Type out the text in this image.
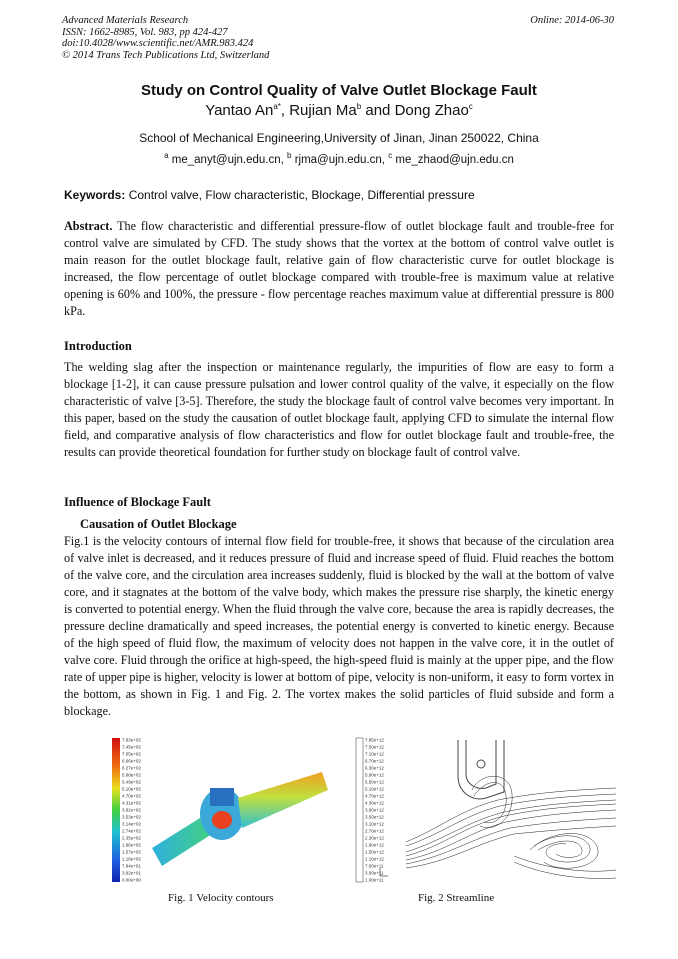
Advanced Materials Research
ISSN: 1662-8985, Vol. 983, pp 424-427
doi:10.4028/www.scientific.net/AMR.983.424
© 2014 Trans Tech Publications Ltd, Switzerland
Online: 2014-06-30
Study on Control Quality of Valve Outlet Blockage Fault
Yantao $An^{a*}$, Rujian Ma$^b$ and Dong Zhao$^c$
School of Mechanical Engineering,University of Jinan, Jinan 250022, China
$^a$ me_anyt@ujn.edu.cn, $^b$ rjma@ujn.edu.cn, $^c$ me_zhaod@ujn.edu.cn
Keywords: Control valve, Flow characteristic, Blockage, Differential pressure
Abstract. The flow characteristic and differential pressure-flow of outlet blockage fault and trouble-free for control valve are simulated by CFD. The study shows that the vortex at the bottom of control valve outlet is main reason for the outlet blockage fault, relative gain of flow characteristic curve for outlet blockage is increased, the flow percentage of outlet blockage compared with trouble-free is maximum value at relative opening is 60% and 100%, the pressure - flow percentage reaches maximum value at differential pressure is 800 kPa.
Introduction
The welding slag after the inspection or maintenance regularly, the impurities of flow are easy to form a blockage [1-2], it can cause pressure pulsation and lower control quality of the valve, it especially on the flow characteristic of valve [3-5]. Therefore, the study the blockage fault of control valve becomes very important. In this paper, based on the study the causation of outlet blockage fault, applying CFD to simulate the internal flow field, and comparative analysis of flow characteristics and flow for outlet blockage fault and trouble-free, the results can provide theoretical foundation for further study on blockage fault of control valve.
Influence of Blockage Fault
Causation of Outlet Blockage
Fig.1 is the velocity contours of internal flow field for trouble-free, it shows that because of the circulation area of valve inlet is decreased, and it reduces pressure of fluid and increase speed of fluid. Fluid reaches the bottom of the valve core, and the circulation area increases suddenly, fluid is blocked by the wall at the bottom of valve core, and it stagnates at the bottom of the valve body, which makes the pressure rise sharply, the kinetic energy is converted to potential energy. When the fluid through the valve core, because the area is rapidly decreases, the pressure decline dramatically and speed increases, the potential energy is converted to kinetic energy. Because of the high speed of fluid flow, the maximum of velocity does not happen in the valve core, it in the outlet of valve core. Fluid through the orifice at high-speed, the high-speed fluid is mainly at the upper pipe, and the flow rate of upper pipe is higher, velocity is lower at bottom of pipe, velocity is non-uniform, it easy to form vortex in the bottom, as shown in Fig. 1 and Fig. 2. The vortex makes the solid particles of fluid subside and form a blockage.
7.83e+02
7.45e+02
7.05e+02
6.66e+02
6.27e+02
5.88e+02
5.49e+02
5.10e+02
4.70e+02
4.31e+02
3.92e+02
3.53e+02
3.14e+02
2.74e+02
2.35e+02
1.96e+02
1.57e+02
1.18e+02
7.84e+01
3.92e+01
0.00e+00
Fig. 1 Velocity contours
7.85e+12
7.50e+12
7.10e+12
6.70e+12
6.30e+12
5.90e+12
5.50e+12
5.10e+12
4.70e+12
4.30e+12
3.90e+12
3.50e+12
3.10e+12
2.70e+12
2.30e+12
1.90e+12
1.50e+12
1.10e+12
7.00e+11
3.00e+11
1.00e+11
Fig. 2 Streamline
